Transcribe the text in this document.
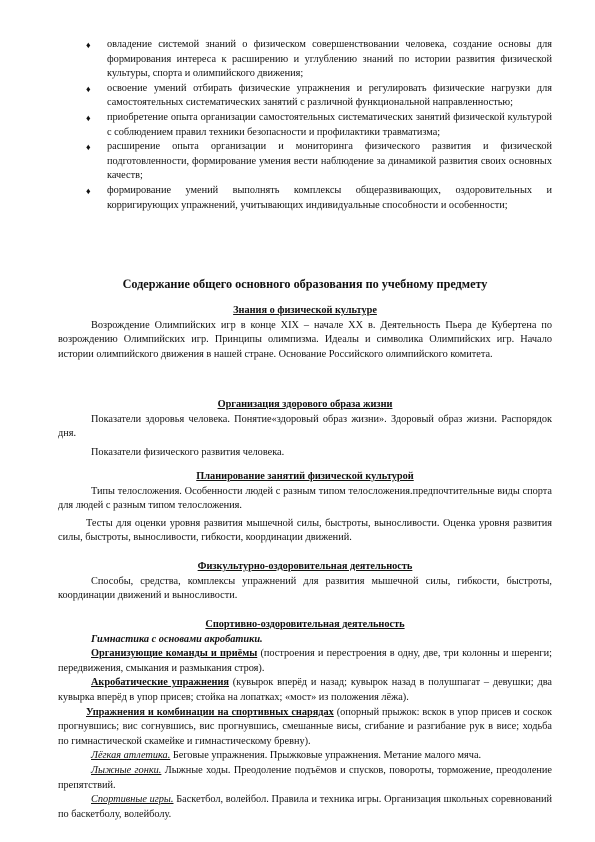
♦ овладение системой знаний о физическом совершенствовании человека, создание основы для формирования интереса к расширению и углублению знаний по истории развития физической культуры, спорта и олимпийского движения;
♦ освоение умений отбирать физические упражнения и регулировать физические нагрузки для самостоятельных систематических занятий с различной функциональной направленностью;
♦ приобретение опыта организации самостоятельных систематических занятий физической культурой с соблюдением правил техники безопасности и профилактики травматизма;
♦ расширение опыта организации и мониторинга физического развития и физической подготовленности, формирование умения вести наблюдение за динамикой развития своих основных качеств;
♦ формирование умений выполнять комплексы общеразвивающих, оздоровительных и корригирующих упражнений, учитывающих индивидуальные способности и особенности;
Содержание общего основного образования по учебному предмету

Знания о физической культуре

Возрождение Олимпийских игр в конце XIX – начале XX в. Деятельность Пьера де Кубертена по возрождению Олимпийских игр. Принципы олимпизма. Идеалы и символика Олимпийских игр. Начало истории олимпийского движения в нашей стране. Основание Российского олимпийского комитета.

Организация здорового образа жизни

Показатели здоровья человека. Понятие«здоровый образ жизни». Здоровый образ жизни. Распорядок дня.

Показатели физического развития человека.

Планирование занятий физической культурой

Типы телосложения. Особенности людей с разным типом телосложения.предпочтительные виды спорта для людей с разным типом телосложения.

Тесты для оценки уровня развития мышечной силы, быстроты, выносливости. Оценка уровня развития силы, быстроты, выносливости, гибкости, координации движений.

Физкультурно-оздоровительная деятельность

Способы, средства, комплексы упражнений для развития мышечной силы, гибкости, быстроты, координации движений и выносливости.

Спортивно-оздоровительная деятельность

Гимнастика с основами акробатики.

Организующие команды и приёмы (построения и перестроения в одну, две, три колонны и шеренги; передвижения, смыкания и размыкания строя).

Акробатические упражнения (кувырок вперёд и назад; кувырок назад в полушпагат – девушки; два кувырка вперёд в упор присев; стойка на лопатках; «мост» из положения лёжа).

Упражнения и комбинации на спортивных снарядах (опорный прыжок: вскок в упор присев и соскок прогнувшись; вис согнувшись, вис прогнувшись, смешанные висы, сгибание и разгибание рук в висе; ходьба по гимнастической скамейке и гимнастическому бревну).

Лёгкая атлетика. Беговые упражнения. Прыжковые упражнения. Метание малого мяча.

Лыжные гонки. Лыжные ходы. Преодоление подъёмов и спусков, повороты, торможение, преодоление препятствий.

Спортивные игры. Баскетбол, волейбол. Правила и техника игры. Организация школьных соревнований по баскетболу, волейболу.
